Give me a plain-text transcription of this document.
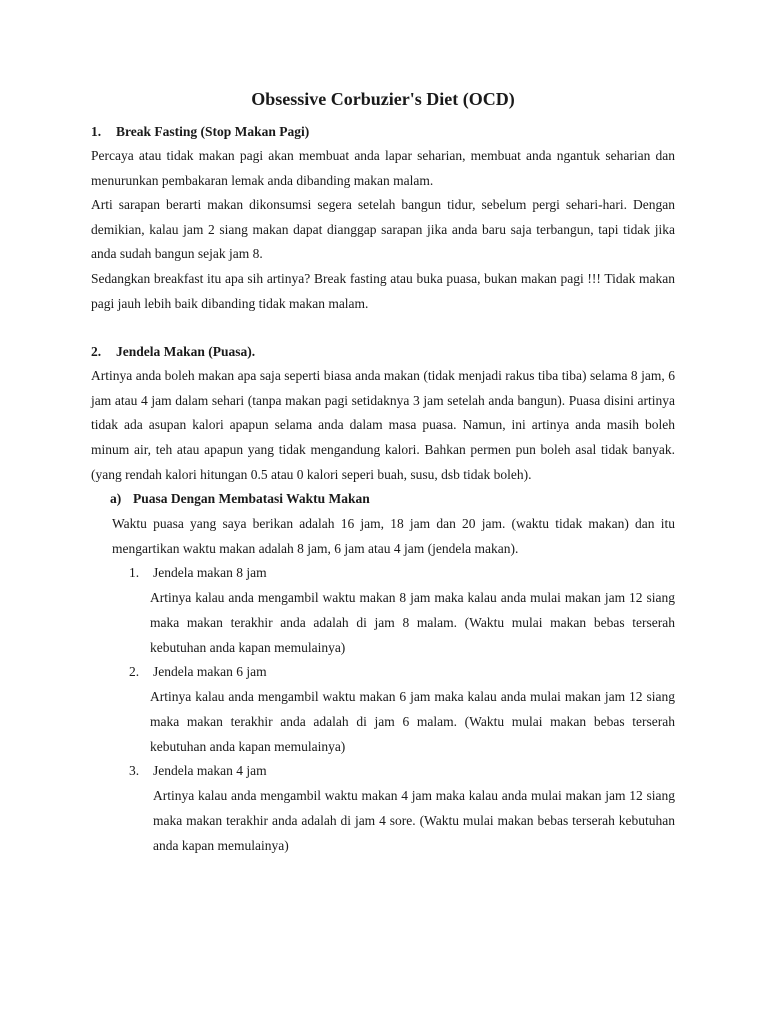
Obsessive Corbuzier's Diet (OCD)
1. Break Fasting (Stop Makan Pagi)

Percaya atau tidak makan pagi akan membuat anda lapar seharian, membuat anda ngantuk seharian dan menurunkan pembakaran lemak anda dibanding makan malam.

Arti sarapan berarti makan dikonsumsi segera setelah bangun tidur, sebelum pergi sehari-hari. Dengan demikian, kalau jam 2 siang makan dapat dianggap sarapan jika anda baru saja terbangun, tapi tidak jika anda sudah bangun sejak jam 8.

Sedangkan breakfast itu apa sih artinya? Break fasting atau buka puasa, bukan makan pagi !!! Tidak makan pagi jauh lebih baik dibanding tidak makan malam.

2. Jendela Makan (Puasa).

Artinya anda boleh makan apa saja seperti biasa anda makan (tidak menjadi rakus tiba tiba) selama 8 jam, 6 jam atau 4 jam dalam sehari (tanpa makan pagi setidaknya 3 jam setelah anda bangun). Puasa disini artinya tidak ada asupan kalori apapun selama anda dalam masa puasa. Namun, ini artinya anda masih boleh minum air, teh atau apapun yang tidak mengandung kalori. Bahkan permen pun boleh asal tidak banyak. (yang rendah kalori hitungan 0.5 atau 0 kalori seperi buah, susu, dsb tidak boleh).

a) Puasa Dengan Membatasi Waktu Makan

Waktu puasa yang saya berikan adalah 16 jam, 18 jam dan 20 jam. (waktu tidak makan) dan itu mengartikan waktu makan adalah 8 jam, 6 jam atau 4 jam (jendela makan).

1. Jendela makan 8 jam

Artinya kalau anda mengambil waktu makan 8 jam maka kalau anda mulai makan jam 12 siang maka makan terakhir anda adalah di jam 8 malam. (Waktu mulai makan bebas terserah kebutuhan anda kapan memulainya)

2. Jendela makan 6 jam

Artinya kalau anda mengambil waktu makan 6 jam maka kalau anda mulai makan jam 12 siang maka makan terakhir anda adalah di jam 6 malam. (Waktu mulai makan bebas terserah kebutuhan anda kapan memulainya)

3. Jendela makan 4 jam

Artinya kalau anda mengambil waktu makan 4 jam maka kalau anda mulai makan jam 12 siang maka makan terakhir anda adalah di jam 4 sore. (Waktu mulai makan bebas terserah kebutuhan anda kapan memulainya)
